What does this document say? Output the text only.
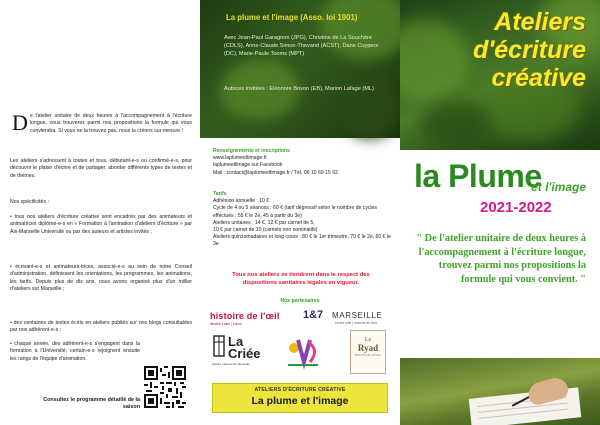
De l'atelier unitaire de deux heures à l'accompagnement à l'écriture longue, vous trouverez parmi nos propositions la formule qui vous conviendra. Si vous ne la trouvez pas, nous la créons sur mesure !
Les ateliers s'adressent à toutes et tous, débutant-e-s ou confirmé-e-s, pour découvrir le plaisir d'écrire et de partager, aborder différents types de textes et de thèmes.
Nos spécificités :
• tous nos ateliers d'écriture créative sont encadrés par des animateurs et animatrices diplômé-e-s en « Formation à l'animation d'ateliers d'écriture » par Aix-Marseille Université ou par des auteurs et artistes invités ;
• écrivant-e-s et animateurs-trices, associé-e-s au sein de notre Conseil d'administration, définissent les orientations, les programmes, les animations, les tarifs. Depuis plus de dix ans, nous avons organisé plus d'un millier d'ateliers sur Marseille ;
• des centaines de textes écrits en ateliers publiés sur nos blogs consultables par nos adhérent-e-s ;
• chaque année, des adhérent-e-s s'engagent dans la formation à l'Université, certain-e-s rejoignent ensuite les rangs de l'équipe d'animation.
Consultez le programme détaillé de la saison
La plume et l'image (Asso. loi 1901)
Avec Jean-Paul Garagnon (JPG), Christine de La Souchère (CDLS), Anne-Claude Simon-Thevand (ACST), Dane Cuypers (DC), Marie-Paule Tooms (MPT)
Autrices invitées : Eléonore Bovon (EB), Marion Lafage (ML)
Renseignements et inscriptions
www.laplumeetlimage.fr
laplumeetlimage sur Facebook
Mail : contact@laplumeetlimage.fr / Tél. 06 10 69 15 92
Tarifs
Adhésion annuelle : 10 €
Cycle de 4 ou 5 séances : 60 € (tarif dégressif selon le nombre de cycles effectués : 55 € le 2e, 45 à partir du 3e)
Ateliers unitaires : 14 €, 12 € par carnet de 5,
10 € par carnet de 10 (carnets non nominatifs)
Ateliers quinzomadaires et long cours : 80 € le 1er trimestre, 70 € le 2e, 60 € le 3e
Tous nos ateliers se tiendront dans le respect des dispositions sanitaires légales en vigueur.
Nos partenaires
histoire de l'œil
librairie | café | expos
1&7 MARSEILLE
centre-ville | marché du livre
La
Criée
théâtre national de Marseille
Le
Ryad
BOUTIQUE HÔTEL
ATELIERS D'ÉCRITURE CRÉATIVE
La plume et l'image
Ateliers
d'écriture
créative
la Plume
et l'image
2021-2022
" De l'atelier unitaire de deux heures à l'accompagnement à l'écriture longue, trouvez parmi nos propositions la formule qui vous convient. "
